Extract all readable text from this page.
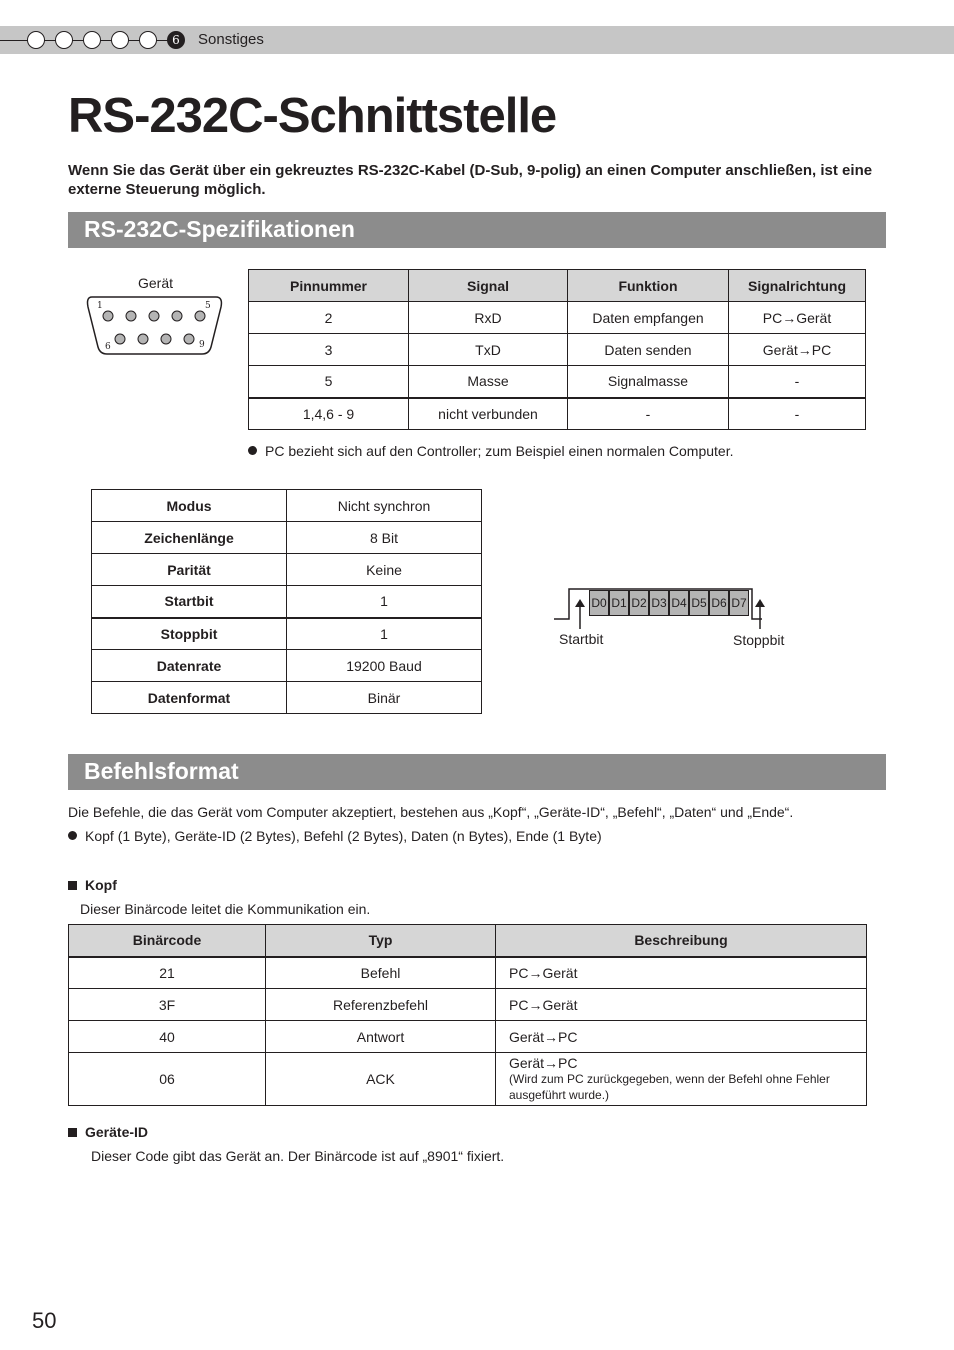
6	Sonstiges
RS-232C-Schnittstelle
Wenn Sie das Gerät über ein gekreuztes RS-232C-Kabel (D-Sub, 9-polig) an einen Computer anschließen, ist eine externe Steuerung möglich.
RS-232C-Spezifikationen
Gerät
1	5
6	9
Pinnummer	Signal	Funktion	Signalrichtung
2	RxD	Daten empfangen	PC→Gerät
3	TxD	Daten senden	Gerät→PC
5	Masse	Signalmasse	-
1,4,6 - 9	nicht verbunden	-	-
PC bezieht sich auf den Controller; zum Beispiel einen normalen Computer.
Modus	Nicht synchron
Zeichenlänge	8 Bit
Parität	Keine
Startbit	1
Stoppbit	1
Datenrate	19200 Baud
Datenformat	Binär
D0 D1 D2 D3 D4 D5 D6 D7
Startbit	Stoppbit
Befehlsformat
Die Befehle, die das Gerät vom Computer akzeptiert, bestehen aus „Kopf“, „Geräte-ID“, „Befehl“, „Daten“ und „Ende“.
Kopf (1 Byte), Geräte-ID (2 Bytes), Befehl (2 Bytes), Daten (n Bytes), Ende (1 Byte)
Kopf
Dieser Binärcode leitet die Kommunikation ein.
Binärcode	Typ	Beschreibung
21	Befehl	PC→Gerät
3F	Referenzbefehl	PC→Gerät
40	Antwort	Gerät→PC
06	ACK	Gerät→PC
(Wird zum PC zurückgegeben, wenn der Befehl ohne Fehler ausgeführt wurde.)
Geräte-ID
Dieser Code gibt das Gerät an. Der Binärcode ist auf „8901“ fixiert.
50
